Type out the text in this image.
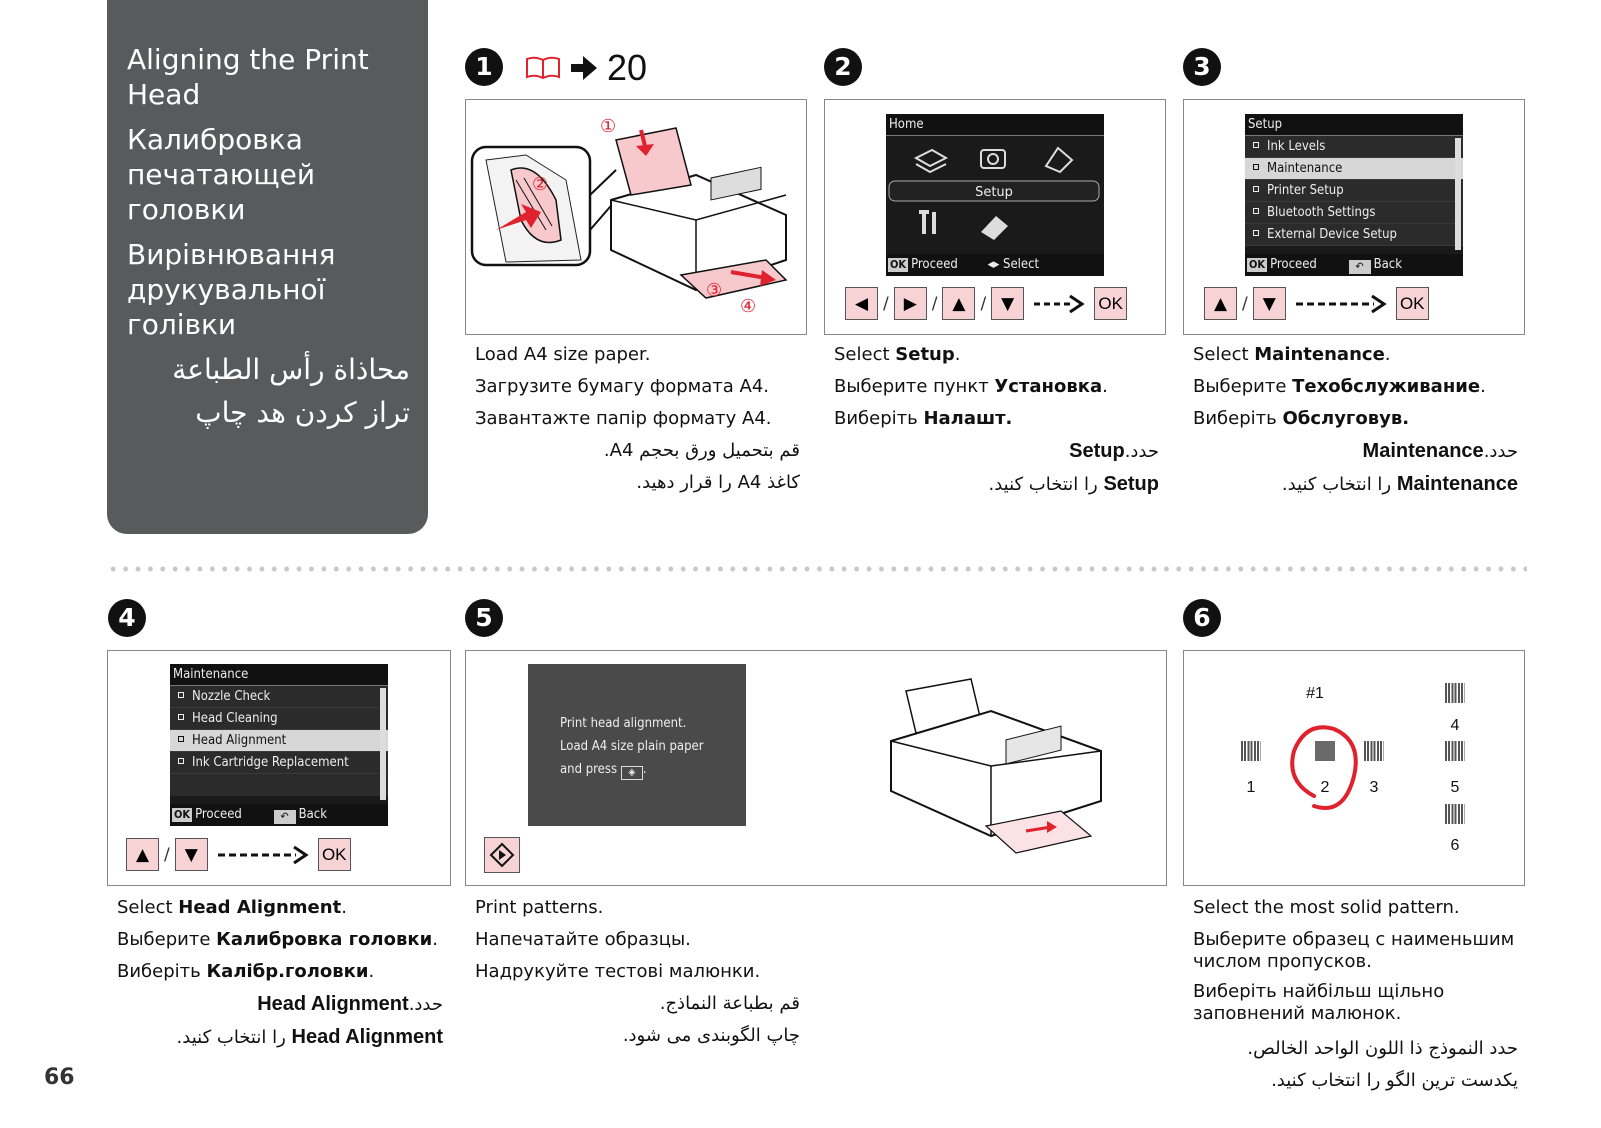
Aligning the Print Head
Калибровка печатающей головки
Вирівнювання друкувальної голівки
محاذاة رأس الطباعة
تراز کردن هد چاپ
1	20
①
②
③
④

Load A4 size paper.

Загрузите бумагу формата A4.

Завантажте папір формату A4.

قم بتحميل ورق بحجم A4.

کاغذ A4 را قرار دهید.

2
Home
Setup
OK Proceed ◂▸ Select
◀ / ▶ / ▲ / ▼	OK

Select Setup.

Выберите пункт Установка.

Виберіть Налашт.

حدد.Setup

Setup را انتخاب کنید.

3
Setup
Ink Levels
Maintenance
Printer Setup
Bluetooth Settings
External Device Setup
OK Proceed	↶ Back
▲ / ▼	OK

Select Maintenance.

Выберите Техобслуживание.

Виберіть Обслуговув.

حدد.Maintenance

Maintenance را انتخاب کنید.

4
Maintenance
Nozzle Check
Head Cleaning
Head Alignment
Ink Cartridge Replacement
OK Proceed	↶ Back
▲ / ▼	OK

Select Head Alignment.

Выберите Калибровка головки.

Виберіть Калібр.головки.

حدد.Head Alignment

Head Alignment را انتخاب کنید.

5
Print head alignment.
Load A4 size plain paper
and press ◈ .

Print patterns.

Напечатайте образцы.

Надрукуйте тестові малюнки.

قم بطباعة النماذج.

چاپ الگوبندی می شود.

6
#1
1	2	3
4
5
6

Select the most solid pattern.

Выберите образец с наименьшим числом пропусков.

Виберіть найбільш щільно заповнений малюнок.

حدد النموذج ذا اللون الواحد الخالص.

یکدست ترین الگو را انتخاب کنید.

66
